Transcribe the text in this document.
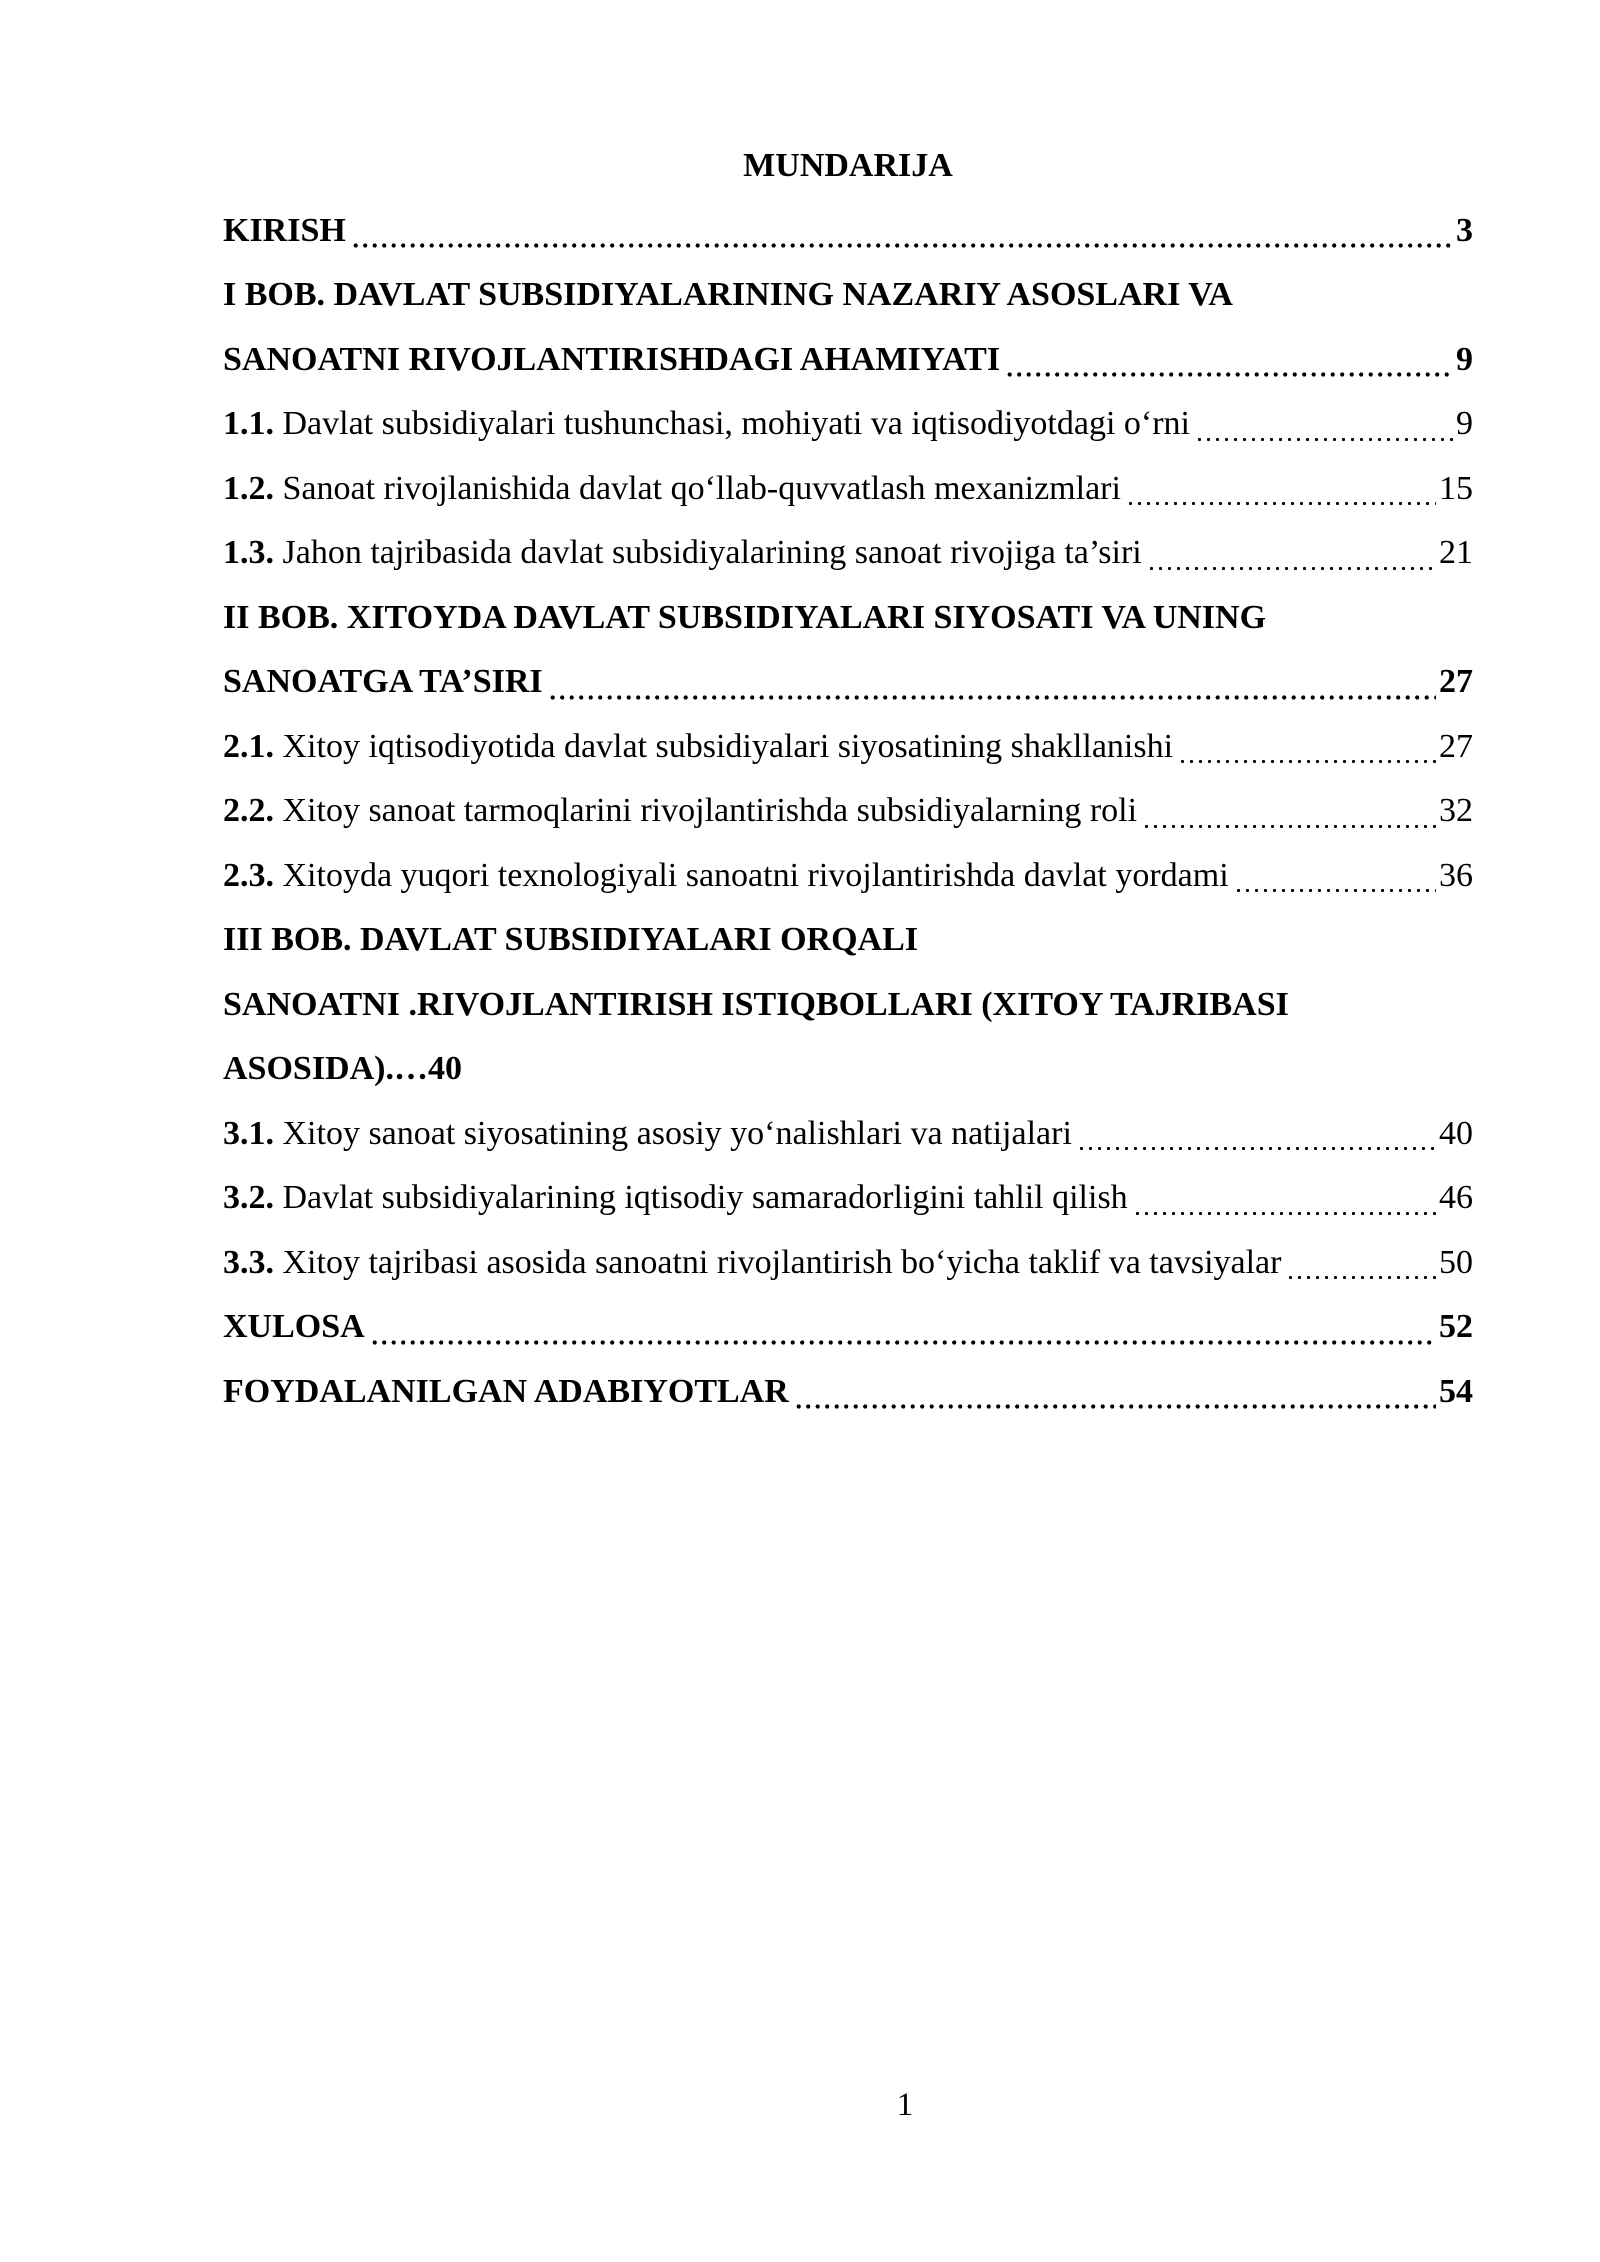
MUNDARIJA
KIRISH	3
I BOB. DAVLAT SUBSIDIYALARINING NAZARIY ASOSLARI VA
SANOATNI RIVOJLANTIRISHDAGI AHAMIYATI	9
1.1. Davlat subsidiyalari tushunchasi, mohiyati va iqtisodiyotdagi o‘rni	9
1.2. Sanoat rivojlanishida davlat qo‘llab-quvvatlash mexanizmlari	15
1.3. Jahon tajribasida davlat subsidiyalarining sanoat rivojiga ta’siri	21
II BOB. XITOYDA DAVLAT SUBSIDIYALARI SIYOSATI VA UNING
SANOATGA TA’SIRI	27
2.1. Xitoy iqtisodiyotida davlat subsidiyalari siyosatining shakllanishi	27
2.2. Xitoy sanoat tarmoqlarini rivojlantirishda subsidiyalarning roli	32
2.3. Xitoyda yuqori texnologiyali sanoatni rivojlantirishda davlat yordami	36
III BOB. DAVLAT SUBSIDIYALARI ORQALI
SANOATNI .RIVOJLANTIRISH ISTIQBOLLARI (XITOY TAJRIBASI
ASOSIDA).…40
3.1. Xitoy sanoat siyosatining asosiy yo‘nalishlari va natijalari	40
3.2. Davlat subsidiyalarining iqtisodiy samaradorligini tahlil qilish	46
3.3. Xitoy tajribasi asosida sanoatni rivojlantirish bo‘yicha taklif va tavsiyalar	50
XULOSA	52
FOYDALANILGAN ADABIYOTLAR	54
1
